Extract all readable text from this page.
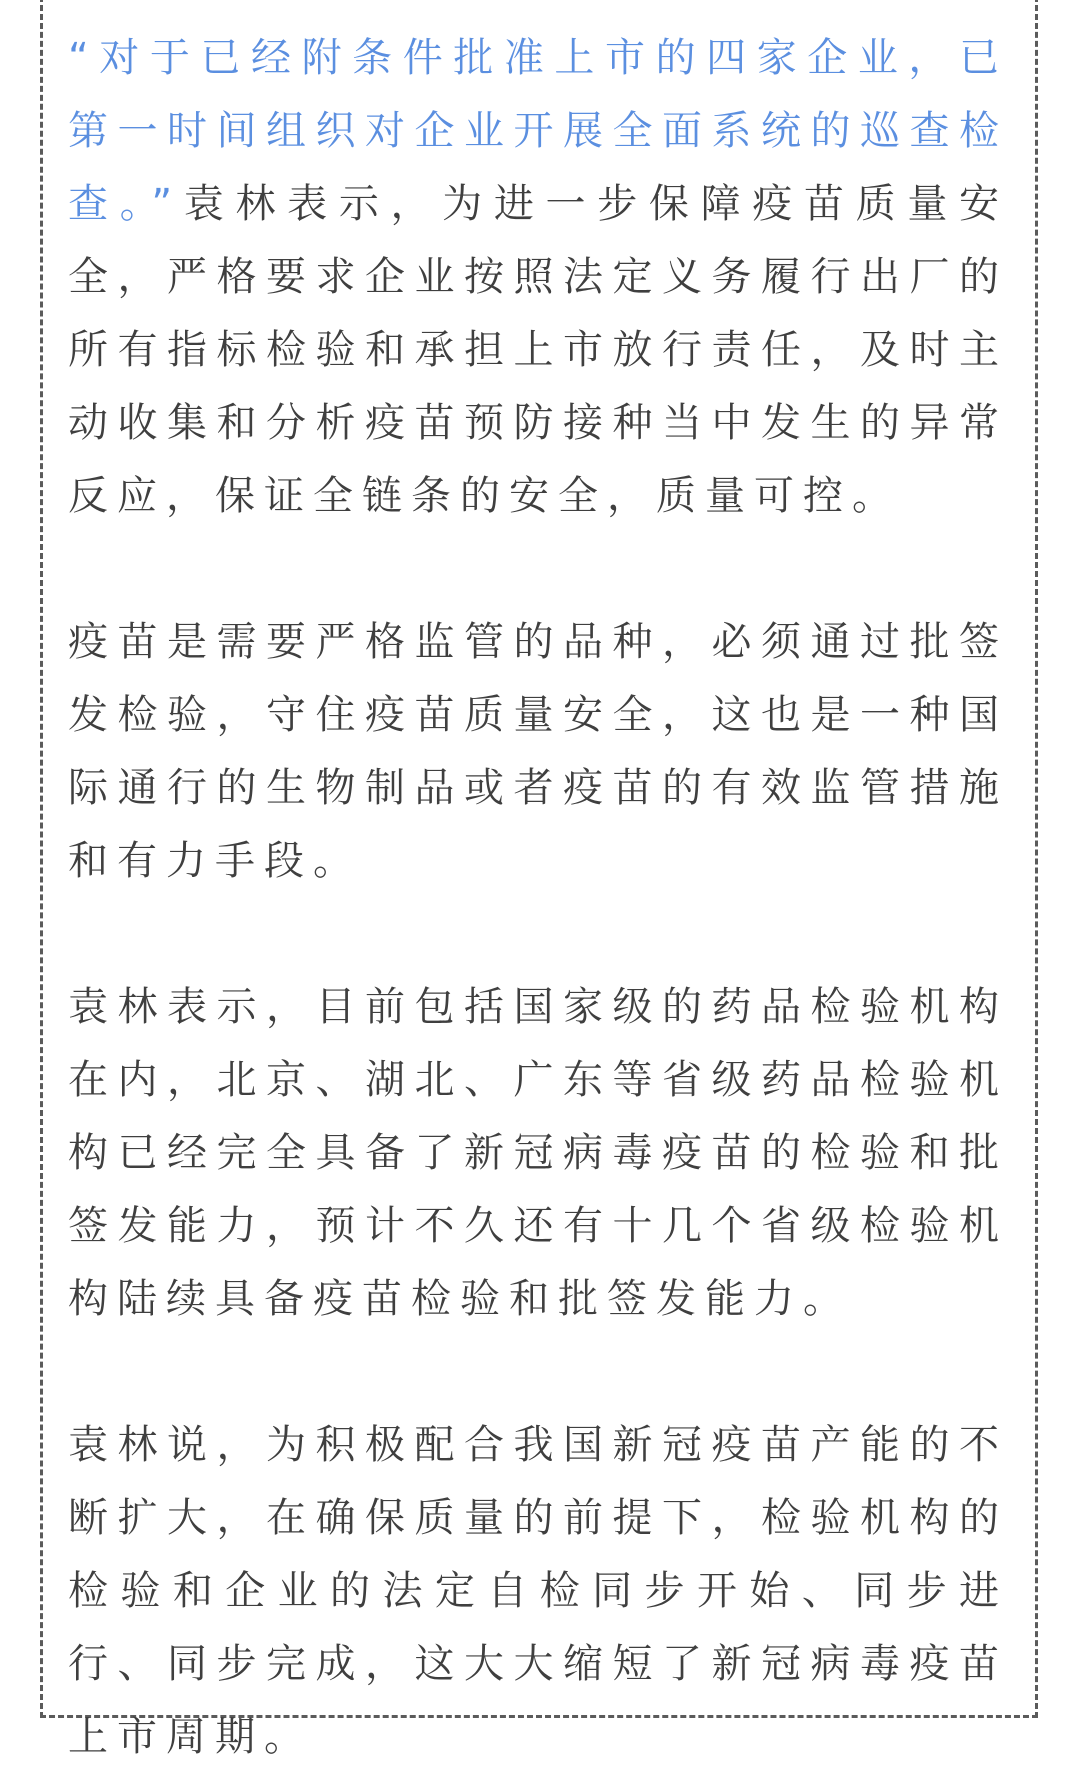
“对于已经附条件批准上市的四家企业，已第一时间组织对企业开展全面系统的巡查检查。”袁林表示，为进一步保障疫苗质量安全，严格要求企业按照法定义务履行出厂的所有指标检验和承担上市放行责任，及时主动收集和分析疫苗预防接种当中发生的异常反应，保证全链条的安全，质量可控。

疫苗是需要严格监管的品种，必须通过批签发检验，守住疫苗质量安全，这也是一种国际通行的生物制品或者疫苗的有效监管措施和有力手段。

袁林表示，目前包括国家级的药品检验机构在内，北京、湖北、广东等省级药品检验机构已经完全具备了新冠病毒疫苗的检验和批签发能力，预计不久还有十几个省级检验机构陆续具备疫苗检验和批签发能力。

袁林说，为积极配合我国新冠疫苗产能的不断扩大，在确保质量的前提下，检验机构的检验和企业的法定自检同步开始、同步进行、同步完成，这大大缩短了新冠病毒疫苗上市周期。
